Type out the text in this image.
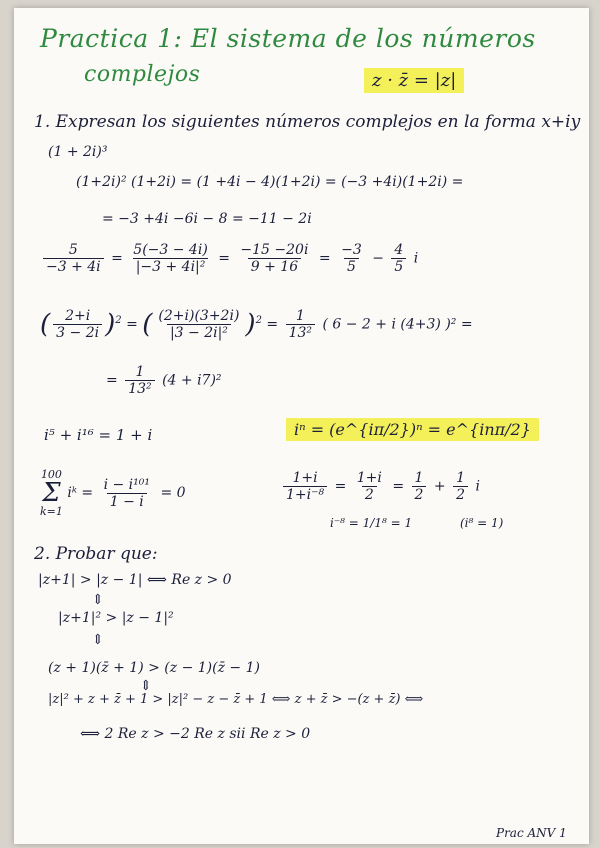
Practica 1: El sistema de los números
complejos	z · z̄ = |z|
1. Expresan los siguientes números complejos en la forma x+iy
(1 + 2i)³
(1+2i)² (1+2i) = (1 +4i − 4)(1+2i) = (−3 +4i)(1+2i) =
= −3 +4i −6i − 8 = −11 − 2i
$\frac{5}{-3 + 4i} = \frac{5(-3 - 4i)}{\text{|−3 + 4i|²}} = \frac{-15 -20i}{9 + 16} = \frac{-3}{5} - \frac{4}{5}$ i
( $\frac{2+i}{3 - 2i} )^2$ = ( $\frac{(2+i)(3+2i)}{\text{|3 − 2i|²}} )^2 = \frac{1}{\text{13²}}$ ( 6 − 2 + i (4+3) )² =
= $\frac{1}{\text{13²}} (4 + i7)^2$
i⁵ + i¹⁶ = 1 + i	iⁿ = (e^{iπ/2})ⁿ = e^{inπ/2}
100
Σ
k=1
iᵏ = $\frac{\text{i − i¹⁰¹}}{1 - i} = 0$	$\frac{1+i}{\text{1+i⁻⁸}} = \frac{1+i}{2} = \frac{1}{2} + \frac{1}{2}$ i
i⁻⁸ = 1/1⁸ = 1	(i⁸ = 1)
2. Probar que:
|z+1| > |z − 1| ⟺ Re z > 0
⇕
|z+1|² > |z − 1|²
⇕
(z + 1)(z̄ + 1) > (z − 1)(z̄ − 1)
⇕
|z|² + z + z̄ + 1 > |z|² − z − z̄ + 1 ⟺ z + z̄ > −(z + z̄) ⟺
⟺ 2 Re z > −2 Re z sii Re z > 0
Prac ANV 1
